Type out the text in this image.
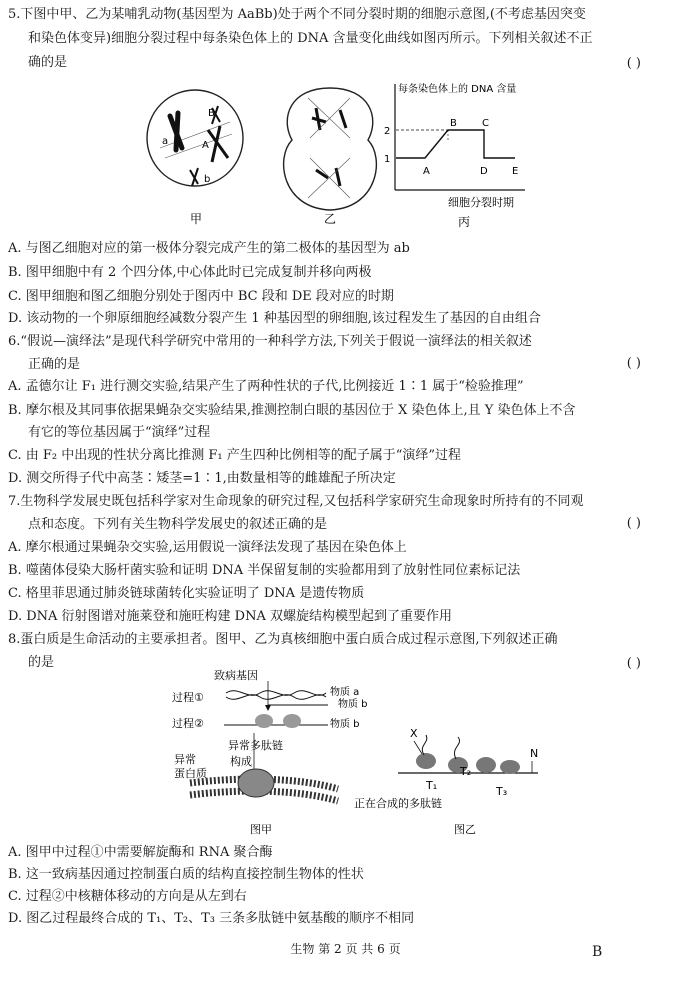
5.下图中甲、乙为某哺乳动物(基因型为 AaBb)处于两个不同分裂时期的细胞示意图,(不考虑基因突变
和染色体变异)细胞分裂过程中每条染色体上的 DNA 含量变化曲线如图丙所示。下列相关叙述不正
确的是	( )
a	A
B
b
甲	乙
每条染色体上的 DNA 含量
2
1
A
B	C
D E
细胞分裂时期
丙
A. 与图乙细胞对应的第一极体分裂完成产生的第二极体的基因型为 ab
B. 图甲细胞中有 2 个四分体,中心体此时已完成复制并移向两极
C. 图甲细胞和图乙细胞分别处于图丙中 BC 段和 DE 段对应的时期
D. 该动物的一个卵原细胞经减数分裂产生 1 种基因型的卵细胞,该过程发生了基因的自由组合
6.“假说—演绎法”是现代科学研究中常用的一种科学方法,下列关于假说一演绎法的相关叙述
正确的是	( )
A. 孟德尔让 F₁ 进行测交实验,结果产生了两种性状的子代,比例接近 1∶1 属于“检验推理”
B. 摩尔根及其同事依据果蝇杂交实验结果,推测控制白眼的基因位于 X 染色体上,且 Y 染色体上不含
有它的等位基因属于“演绎”过程
C. 由 F₂ 中出现的性状分离比推测 F₁ 产生四种比例相等的配子属于“演绎”过程
D. 测交所得子代中高茎∶矮茎=1∶1,由数量相等的雌雄配子所决定
7.生物科学发展史既包括科学家对生命现象的研究过程,又包括科学家研究生命现象时所持有的不同观
点和态度。下列有关生物科学发展史的叙述正确的是	( )
A. 摩尔根通过果蝇杂交实验,运用假说一演绎法发现了基因在染色体上
B. 噬菌体侵染大肠杆菌实验和证明 DNA 半保留复制的实验都用到了放射性同位素标记法
C. 格里菲思通过肺炎链球菌转化实验证明了 DNA 是遗传物质
D. DNA 衍射图谱对施莱登和施旺构建 DNA 双螺旋结构模型起到了重要作用
8.蛋白质是生命活动的主要承担者。图甲、乙为真核细胞中蛋白质合成过程示意图,下列叙述正确
的是	( )
致病基因
过程①	物质 a
物质 b
过程②	物质 b
异常多肽链
构成
异常
蛋白质
图甲
X
N
T₁
T₂
T₃
正在合成的多肽链
图乙
A. 图甲中过程①中需要解旋酶和 RNA 聚合酶
B. 这一致病基因通过控制蛋白质的结构直接控制生物体的性状
C. 过程②中核糖体移动的方向是从左到右
D. 图乙过程最终合成的 T₁、T₂、T₃ 三条多肽链中氨基酸的顺序不相同
生物 第 2 页 共 6 页	B
